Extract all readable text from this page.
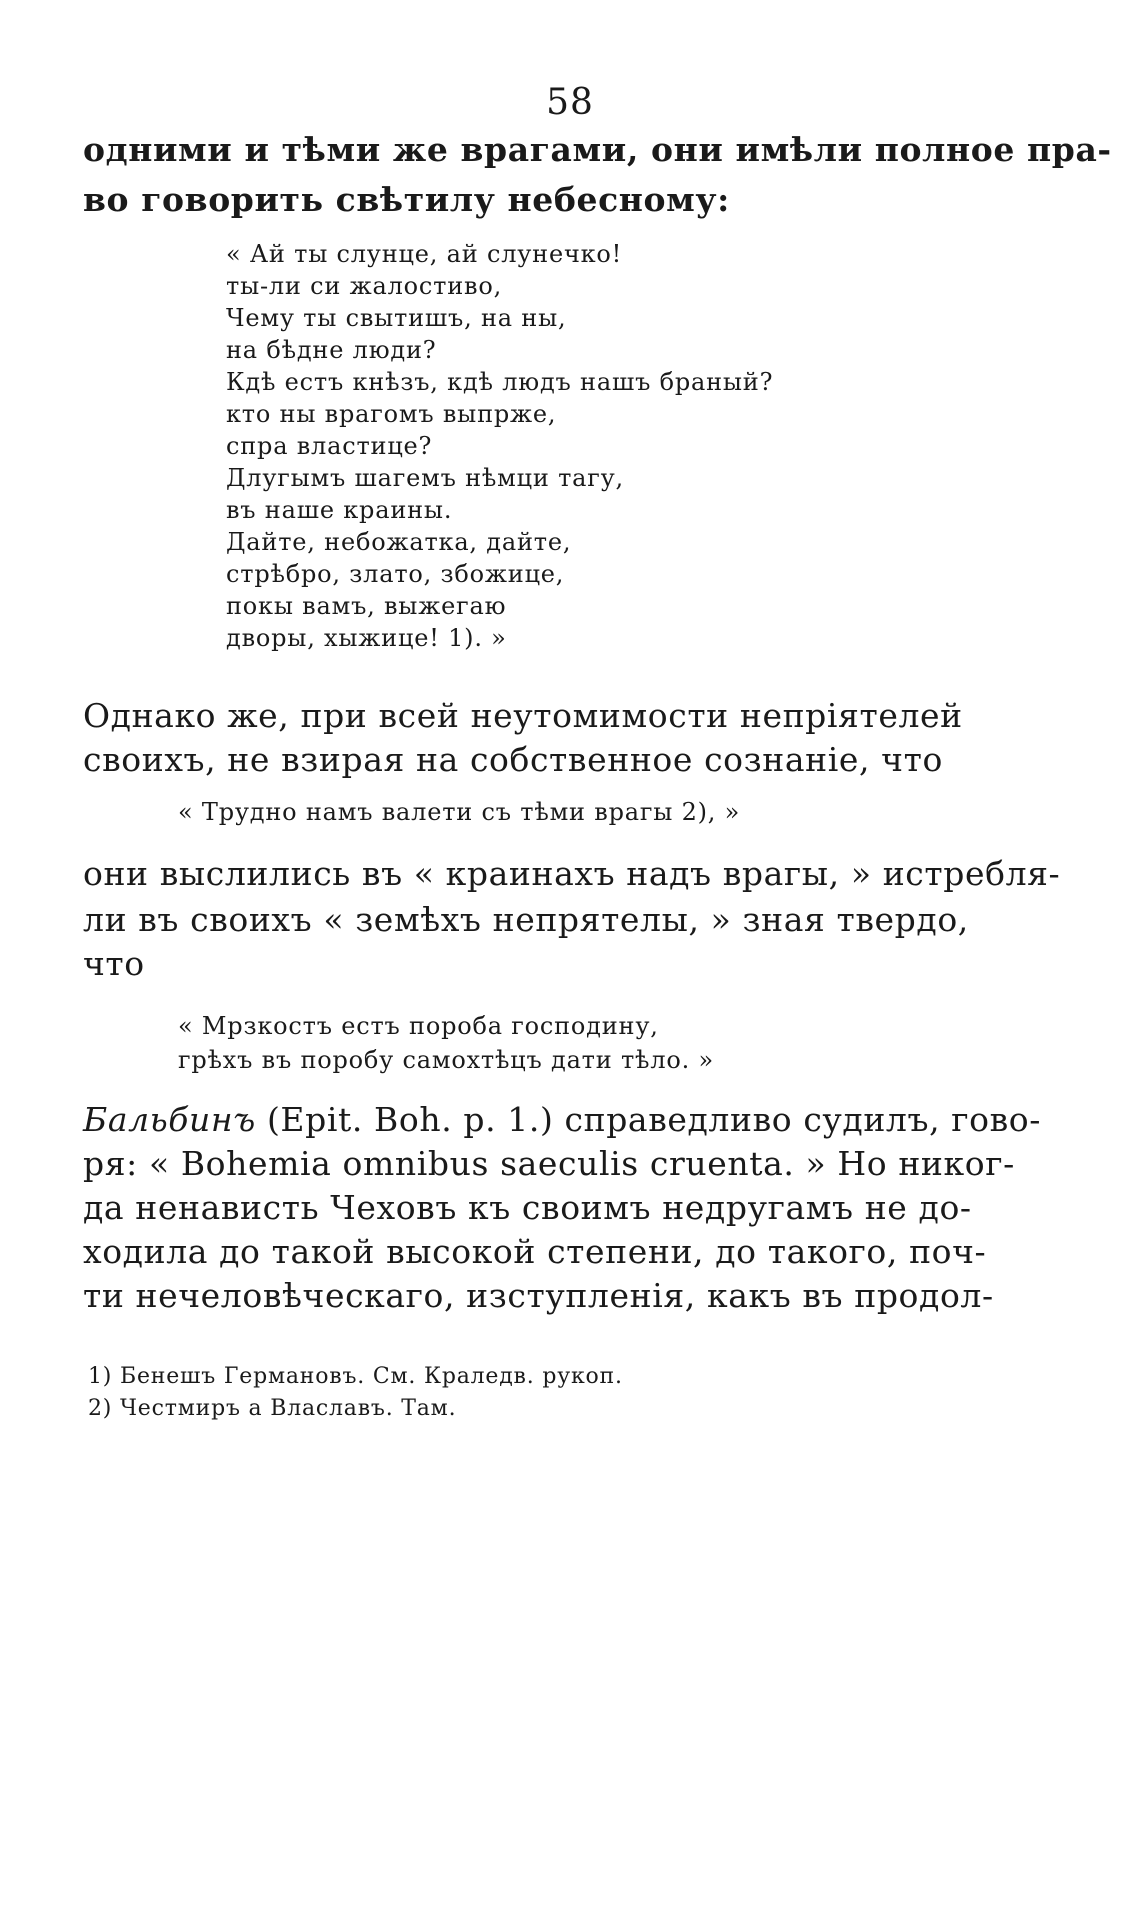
58
одними и тѣми же врагами, они имѣли полное пра-
во говорить свѣтилу небесному:
« Ай ты слунце, ай слунечко!
ты-ли си жалостиво,
Чему ты свытишъ, на ны,
на бѣдне люди?
Кдѣ естъ кнѣзъ, кдѣ людъ нашъ браный?
кто ны врагомъ выпрже,
спра властице?
Длугымъ шагемъ нѣмци тагу,
въ наше краины.
Дайте, небожатка, дайте,
стрѣбро, злато, збожице,
покы вамъ, выжегаю
дворы, хыжице! 1). »
Однако же, при всей неутомимости непріятелей
своихъ, не взирая на собственное сознаніе, что
« Трудно намъ валети съ тѣми врагы 2), »
они выслились въ « краинахъ надъ врагы, » истребля-
ли въ своихъ « земѣхъ непрятелы, » зная твердо,
что
« Мрзкостъ естъ пороба господину,
грѣхъ въ поробу самохтѣцъ дати тѣло. »
Бальбинъ (Epit. Boh. p. 1.) справедливо судилъ, гово-
ря: « Bohemia omnibus saeculis cruenta. » Но никог-
да ненависть Чеховъ къ своимъ недругамъ не до-
ходила до такой высокой степени, до такого, поч-
ти нечеловѣческаго, изступленія, какъ въ продол-
1) Бенешъ Германовъ. См. Краледв. рукоп.
2) Честмиръ а Влаславъ. Там.
